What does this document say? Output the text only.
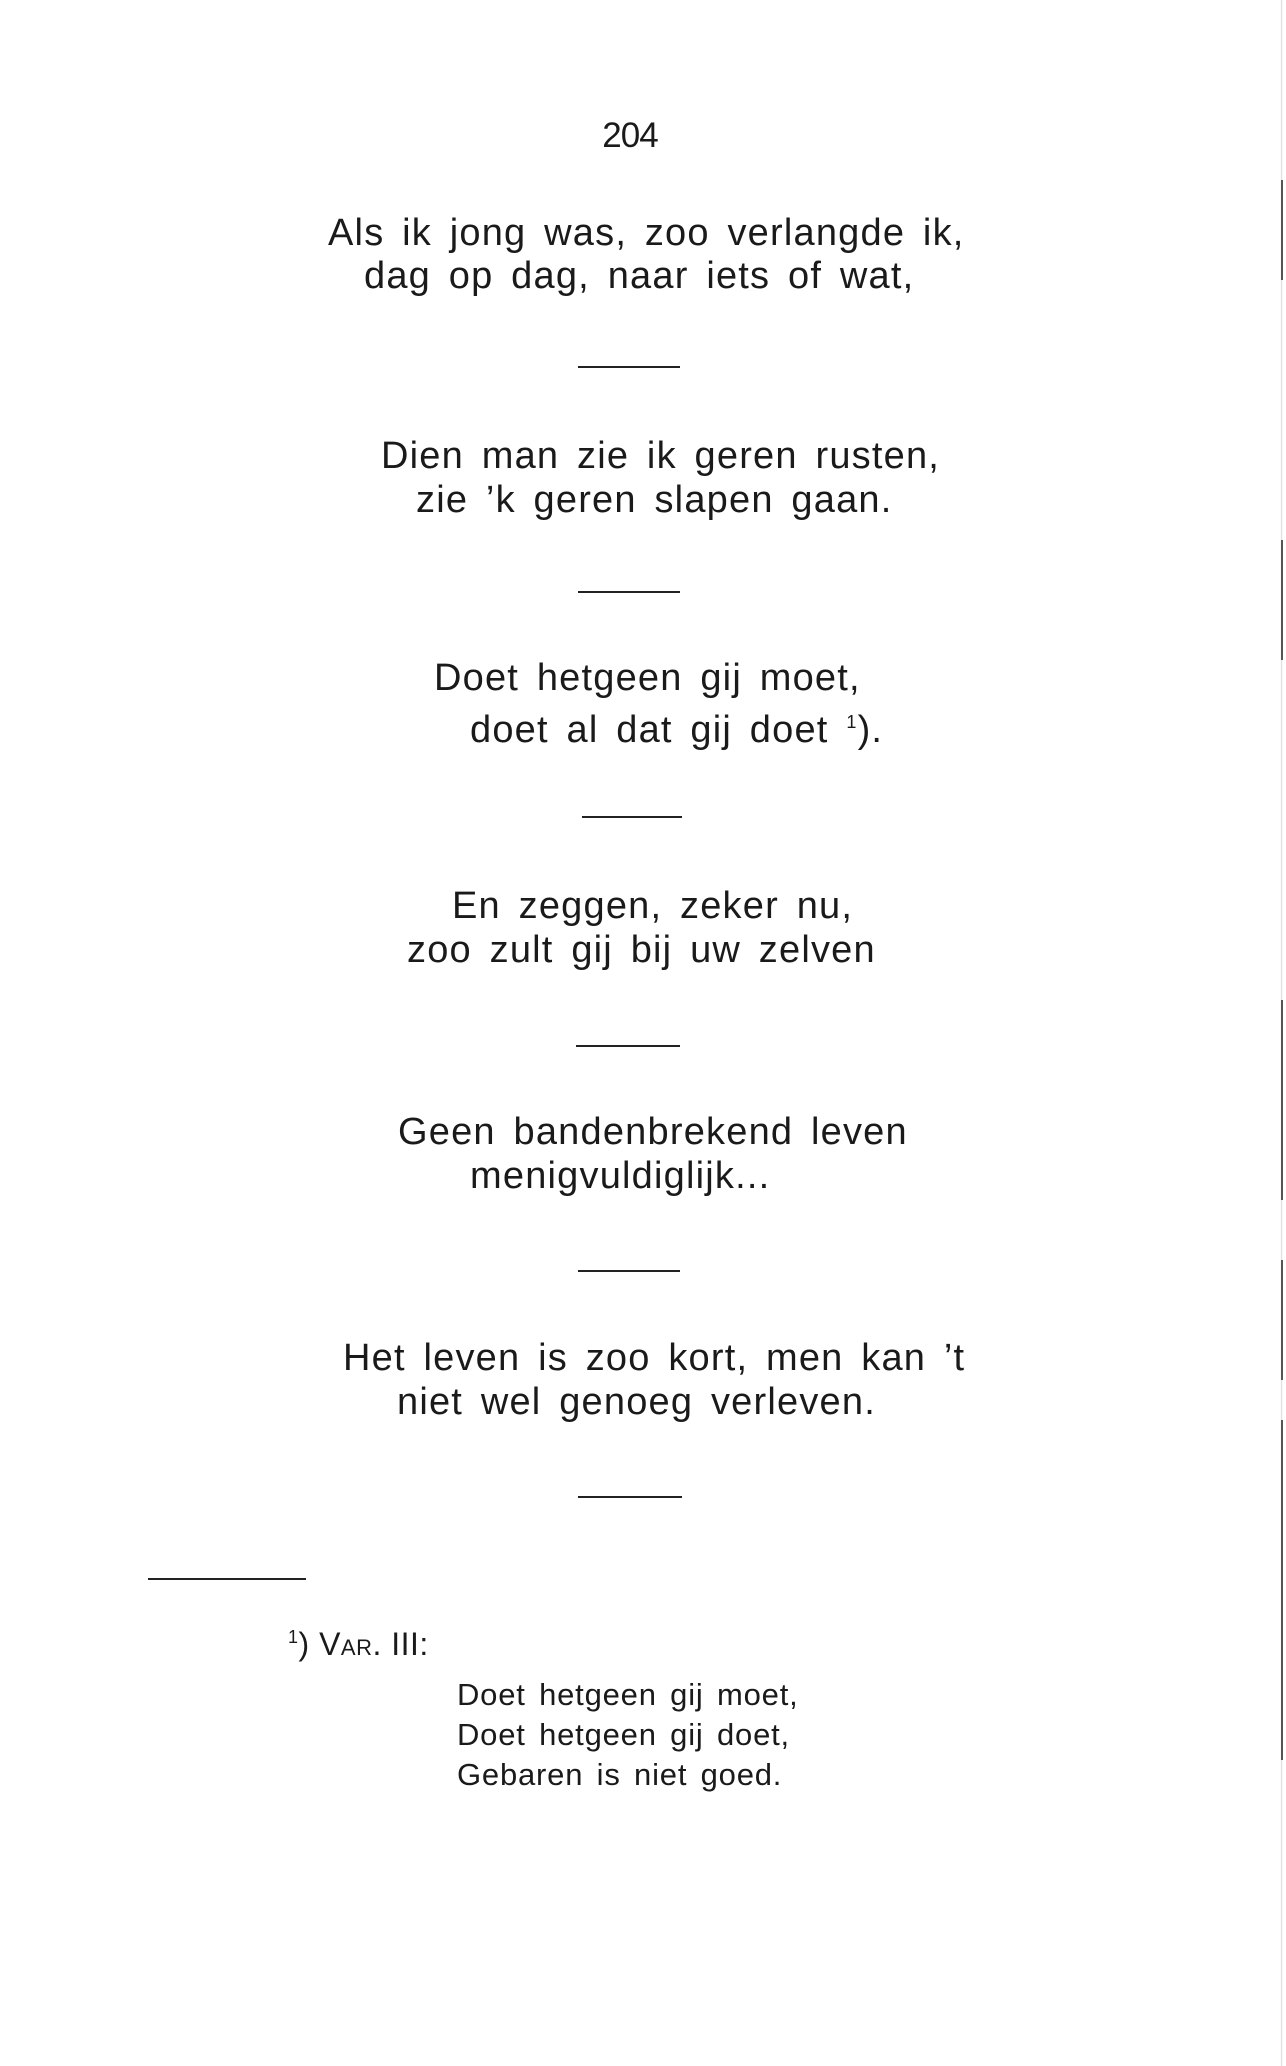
204
Als ik jong was, zoo verlangde ik,
dag op dag, naar iets of wat,
Dien man zie ik geren rusten,
zie ’k geren slapen gaan.
Doet hetgeen gij moet,
doet al dat gij doet $^1$).
En zeggen, zeker nu,
zoo zult gij bij uw zelven
Geen bandenbrekend leven
menigvuldiglijk...
Het leven is zoo kort, men kan ’t
niet wel genoeg verleven.
$^1$) Var. III:
Doet hetgeen gij moet,
Doet hetgeen gij doet,
Gebaren is niet goed.
